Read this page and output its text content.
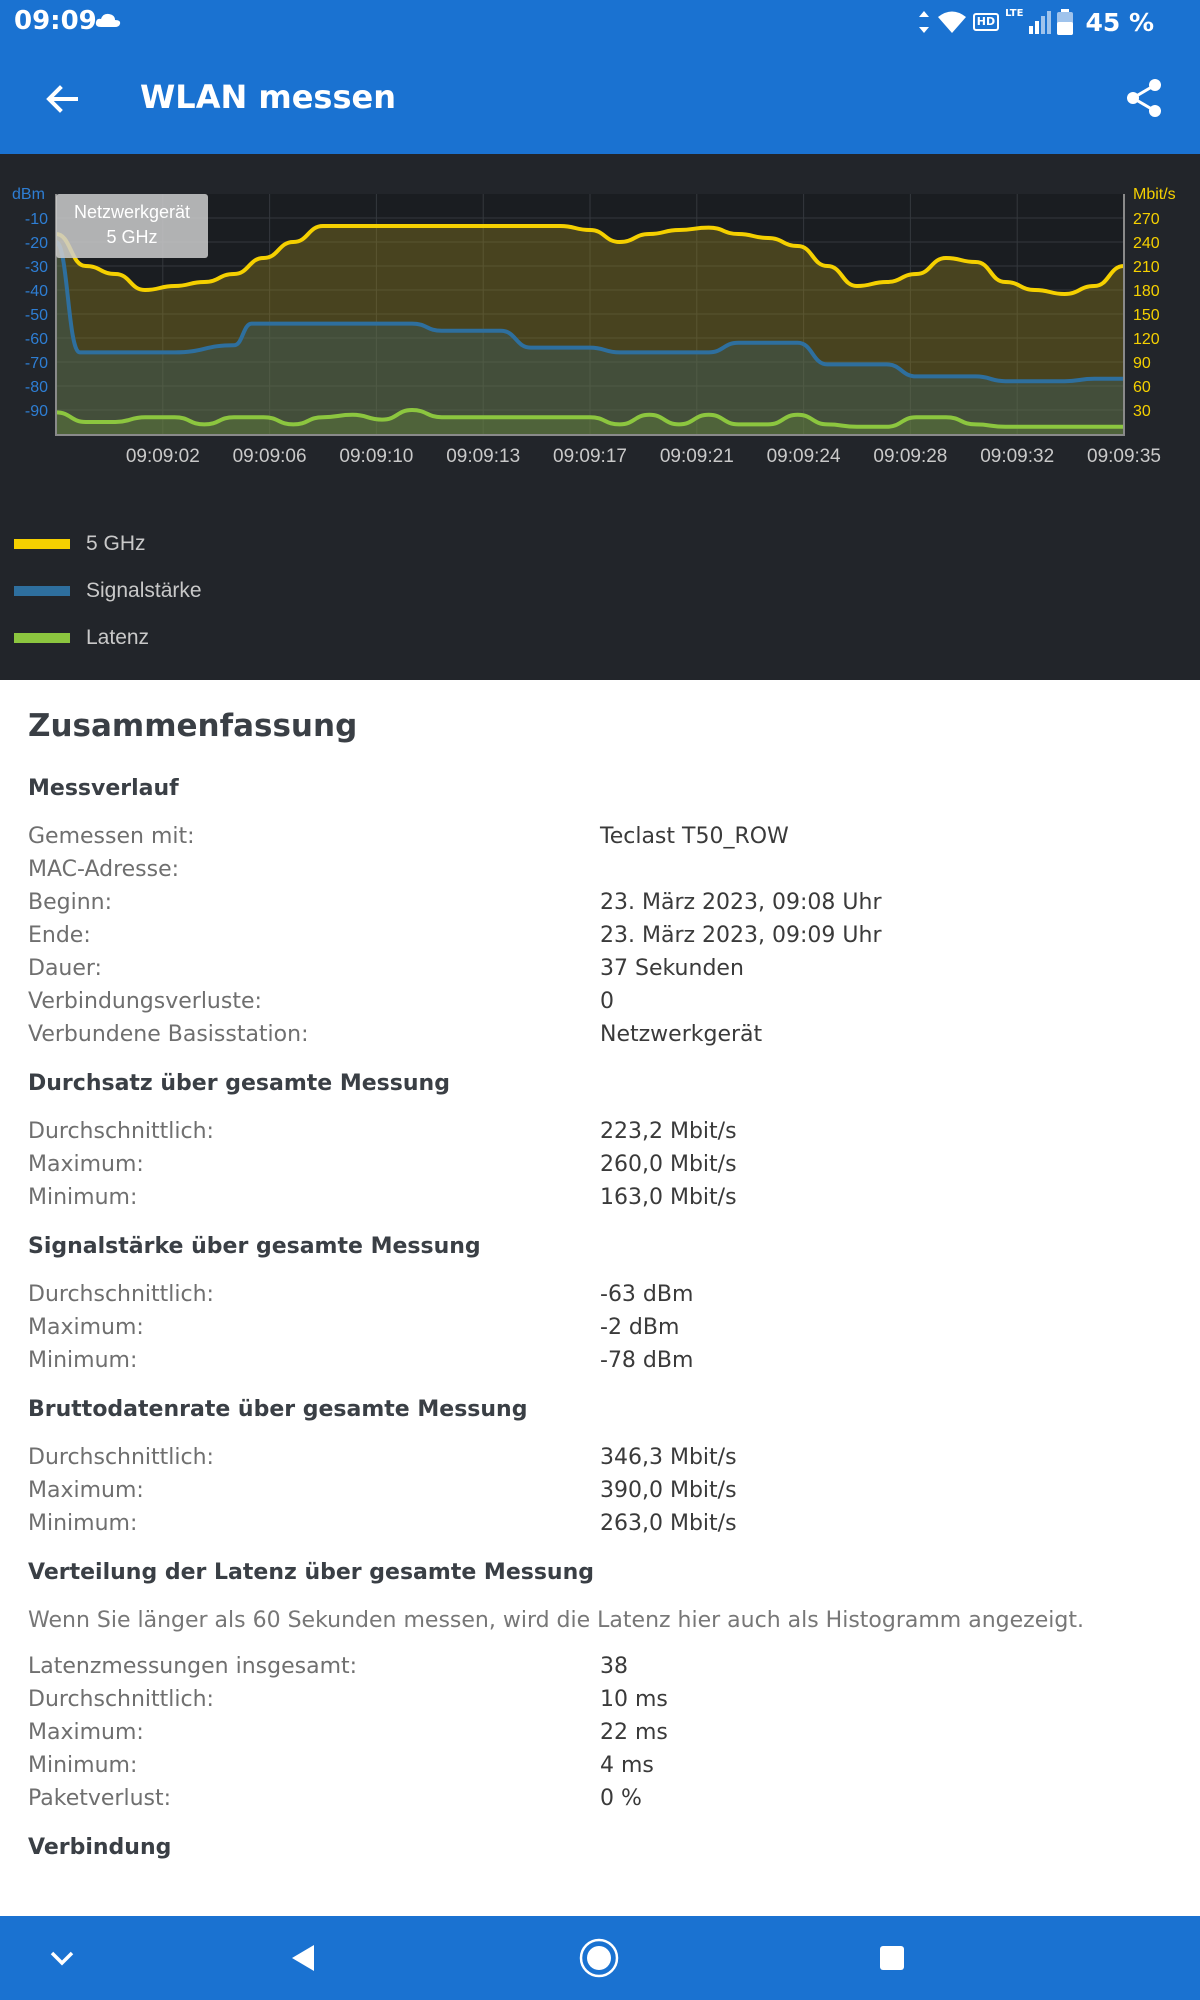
09:09	HD
LTE 45 %
WLAN messen
dBm	Mbit/s
-10
-20
-30
-40
-50
-60
-70
-80
-90
270
240
210
180
150
120
90
60
30
09:09:02 09:09:06 09:09:10 09:09:13 09:09:17 09:09:21 09:09:24 09:09:28 09:09:32 09:09:35
Netzwerkgerät
5 GHz
5 GHz
Signalstärke
Latenz
Zusammenfassung
Messverlauf
Gemessen mit:	Teclast T50_ROW
MAC-Adresse:
Beginn:	23. März 2023, 09:08 Uhr
Ende:	23. März 2023, 09:09 Uhr
Dauer:	37 Sekunden
Verbindungsverluste:	0
Verbundene Basisstation:	Netzwerkgerät
Durchsatz über gesamte Messung
Durchschnittlich:	223,2 Mbit/s
Maximum:	260,0 Mbit/s
Minimum:	163,0 Mbit/s
Signalstärke über gesamte Messung
Durchschnittlich:	-63 dBm
Maximum:	-2 dBm
Minimum:	-78 dBm
Bruttodatenrate über gesamte Messung
Durchschnittlich:	346,3 Mbit/s
Maximum:	390,0 Mbit/s
Minimum:	263,0 Mbit/s
Verteilung der Latenz über gesamte Messung
Wenn Sie länger als 60 Sekunden messen, wird die Latenz hier auch als Histogramm angezeigt.
Latenzmessungen insgesamt:	38
Durchschnittlich:	10 ms
Maximum:	22 ms
Minimum:	4 ms
Paketverlust:	0 %
Verbindung
